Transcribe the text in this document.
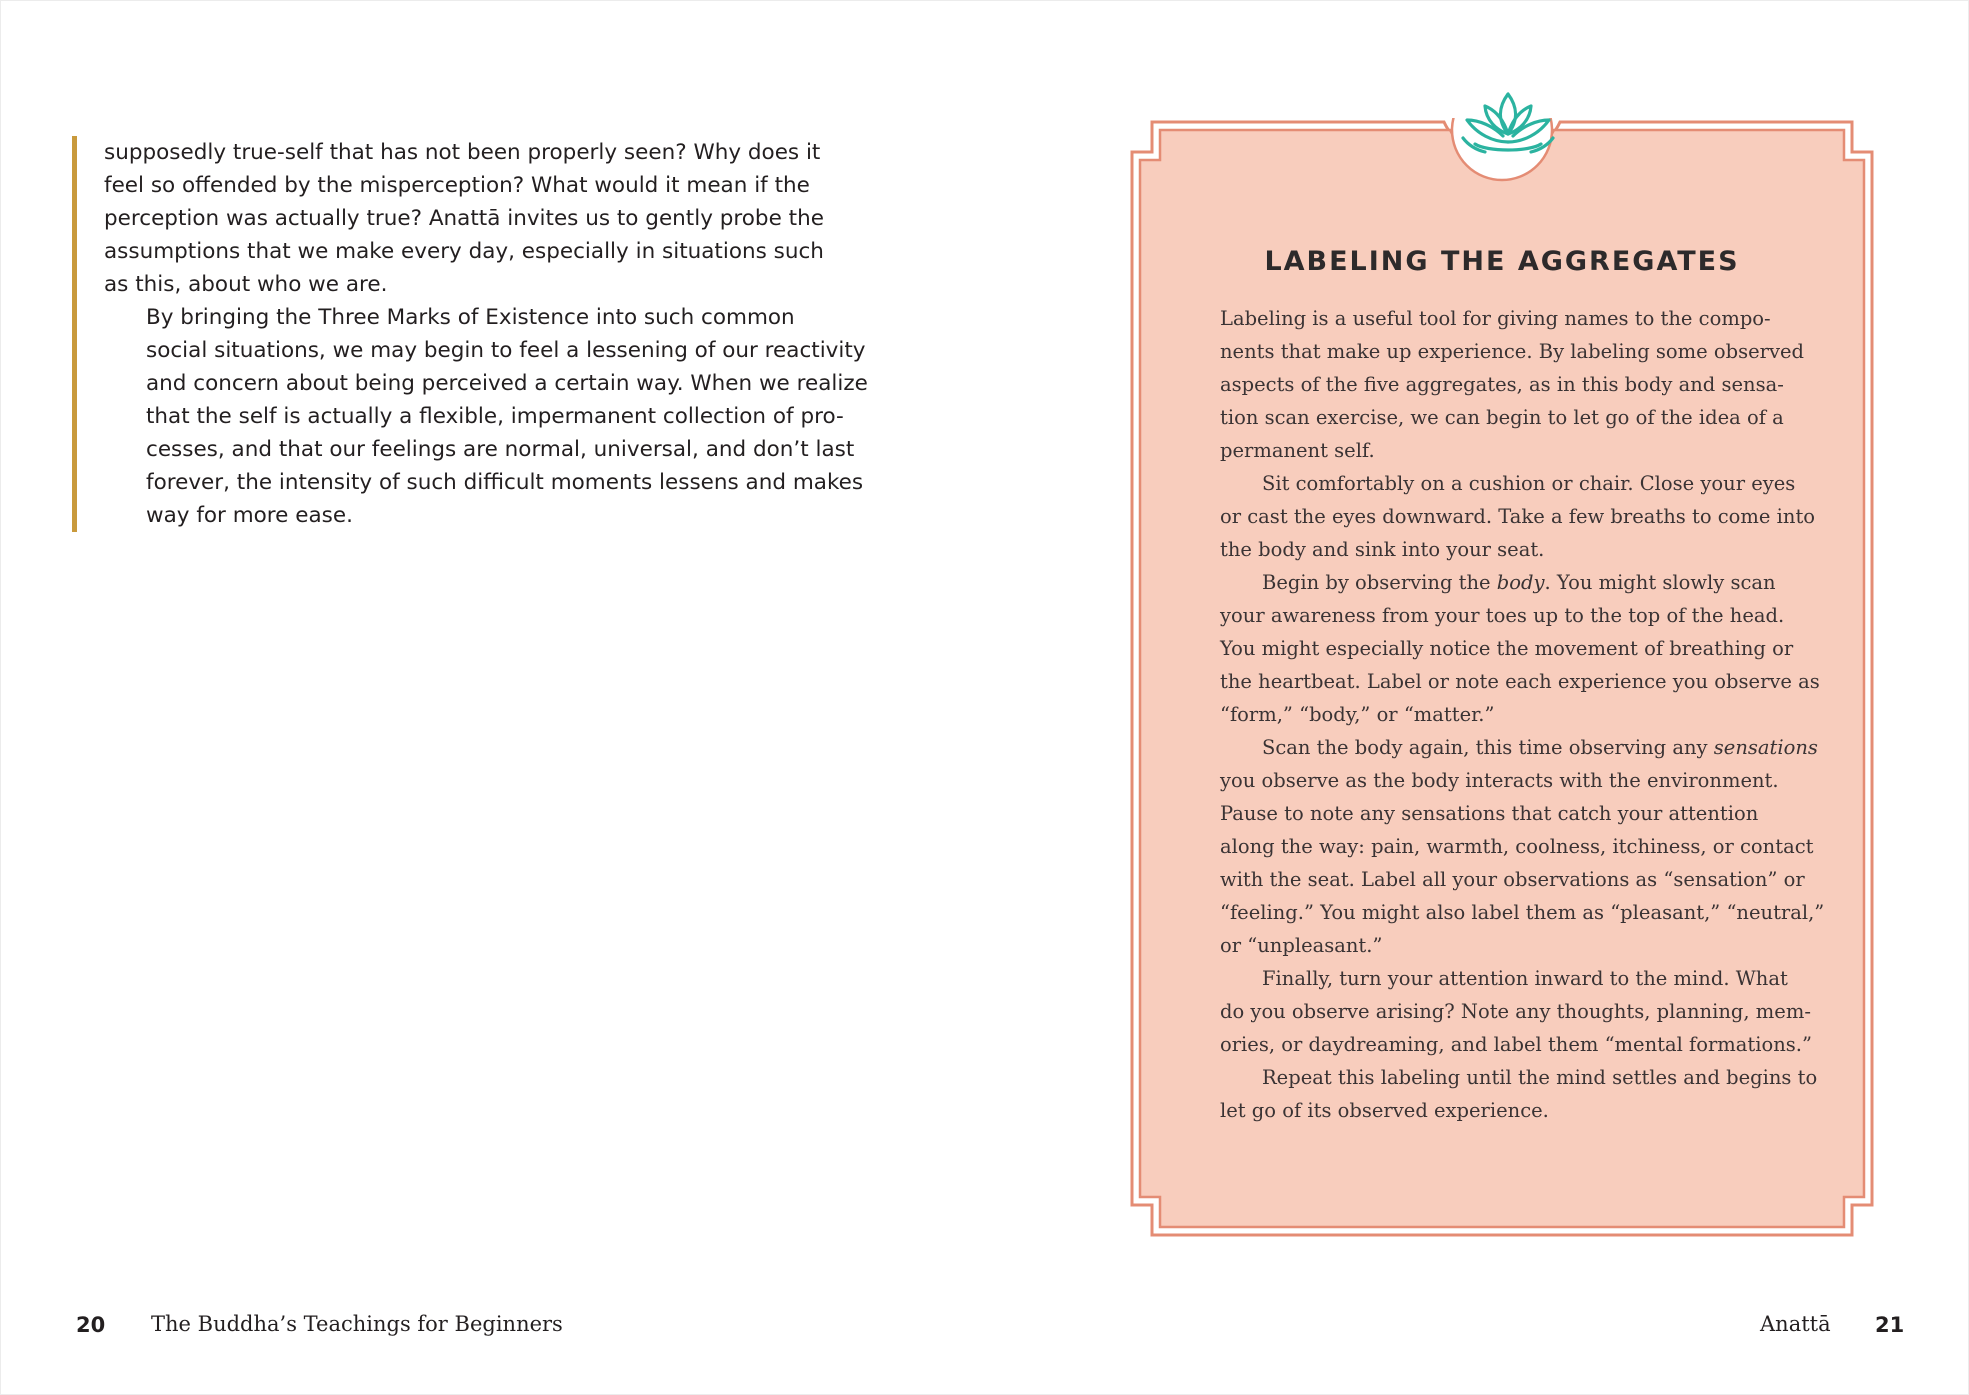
supposedly true-self that has not been properly seen? Why does it
feel so offended by the misperception? What would it mean if the
perception was actually true? Anattā invites us to gently probe the
assumptions that we make every day, especially in situations such
as this, about who we are.

By bringing the Three Marks of Existence into such common
social situations, we may begin to feel a lessening of our reactivity
and concern about being perceived a certain way. When we realize
that the self is actually a flexible, impermanent collection of pro-
cesses, and that our feelings are normal, universal, and don’t last
forever, the intensity of such difficult moments lessens and makes
way for more ease.

LABELING THE AGGREGATES

Labeling is a useful tool for giving names to the compo-
nents that make up experience. By labeling some observed
aspects of the five aggregates, as in this body and sensa-
tion scan exercise, we can begin to let go of the idea of a
permanent self.

Sit comfortably on a cushion or chair. Close your eyes
or cast the eyes downward. Take a few breaths to come into
the body and sink into your seat.

Begin by observing the body. You might slowly scan
your awareness from your toes up to the top of the head.
You might especially notice the movement of breathing or
the heartbeat. Label or note each experience you observe as
“form,” “body,” or “matter.”

Scan the body again, this time observing any sensations
you observe as the body interacts with the environment.
Pause to note any sensations that catch your attention
along the way: pain, warmth, coolness, itchiness, or contact
with the seat. Label all your observations as “sensation” or
“feeling.” You might also label them as “pleasant,” “neutral,”
or “unpleasant.”

Finally, turn your attention inward to the mind. What
do you observe arising? Note any thoughts, planning, mem-
ories, or daydreaming, and label them “mental formations.”

Repeat this labeling until the mind settles and begins to
let go of its observed experience.

20 The Buddha’s Teachings for Beginners	Anattā 21
